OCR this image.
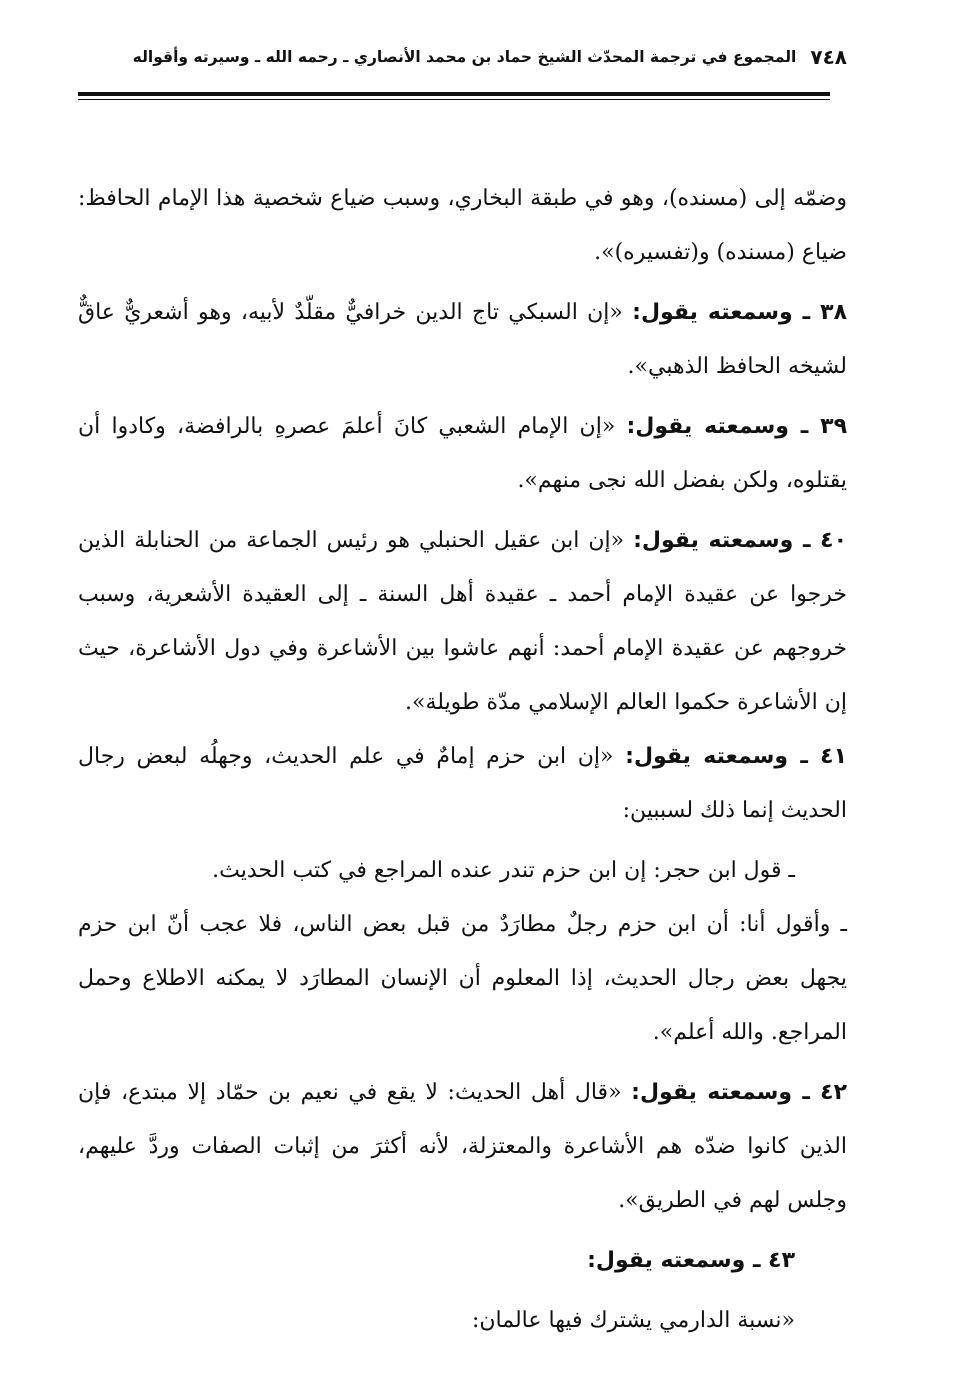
٧٤٨
المجموع في ترجمة المحدّث الشيخ حماد بن محمد الأنصاري ـ رحمه الله ـ وسيرته وأقواله

وضمّه إلى (مسنده)، وهو في طبقة البخاري، وسبب ضياع شخصية هذا الإمام الحافظ: ضياع (مسنده) و(تفسيره)».

٣٨ ـ وسمعته يقول: «إن السبكي تاج الدين خرافيٌّ مقلّدٌ لأبيه، وهو أشعريٌّ عاقٌّ لشيخه الحافظ الذهبي».

٣٩ ـ وسمعته يقول: «إن الإمام الشعبي كانَ أعلمَ عصرهِ بالرافضة، وكادوا أن يقتلوه، ولكن بفضل الله نجى منهم».

٤٠ ـ وسمعته يقول: «إن ابن عقيل الحنبلي هو رئيس الجماعة من الحنابلة الذين خرجوا عن عقيدة الإمام أحمد ـ عقيدة أهل السنة ـ إلى العقيدة الأشعرية، وسبب خروجهم عن عقيدة الإمام أحمد: أنهم عاشوا بين الأشاعرة وفي دول الأشاعرة، حيث إن الأشاعرة حكموا العالم الإسلامي مدّة طويلة».

٤١ ـ وسمعته يقول: «إن ابن حزم إمامٌ في علم الحديث، وجهلُه لبعض رجال الحديث إنما ذلك لسببين:

ـ قول ابن حجر: إن ابن حزم تندر عنده المراجع في كتب الحديث.

ـ وأقول أنا: أن ابن حزم رجلٌ مطارَدٌ من قبل بعض الناس، فلا عجب أنّ ابن حزم يجهل بعض رجال الحديث، إذا المعلوم أن الإنسان المطارَد لا يمكنه الاطلاع وحمل المراجع. والله أعلم».

٤٢ ـ وسمعته يقول: «قال أهل الحديث: لا يقع في نعيم بن حمّاد إلا مبتدع، فإن الذين كانوا ضدّه هم الأشاعرة والمعتزلة، لأنه أكثرَ من إثبات الصفات وردَّ عليهم، وجلس لهم في الطريق».

٤٣ ـ وسمعته يقول:

«نسبة الدارمي يشترك فيها عالمان:
